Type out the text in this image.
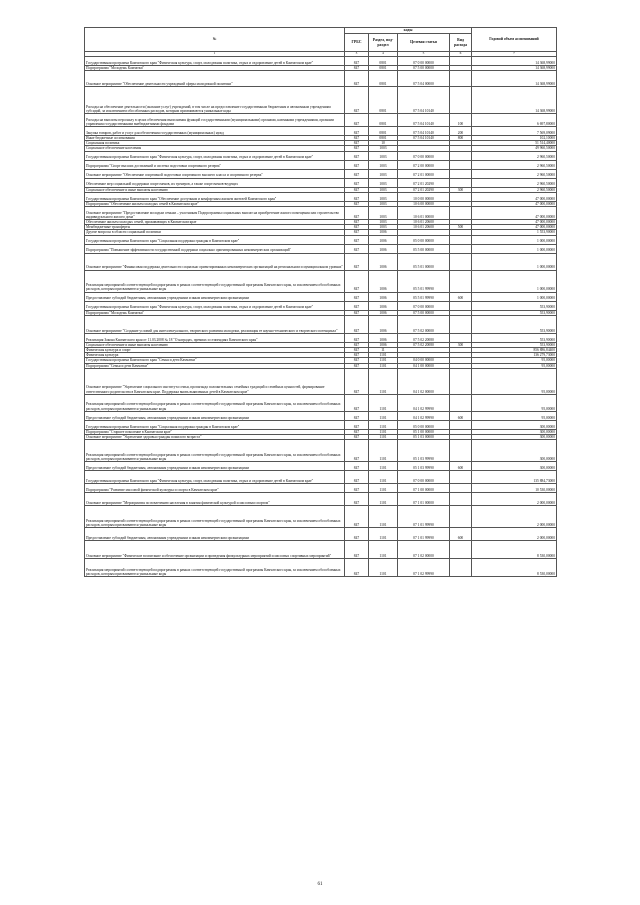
№	коды				Годовой объем ассигнований
	ГРБС	Раздел, под-раздел	Целевая статья	Вид расхода	
1	3	4	5	6	7
Государственная программа Камчатского края "Физическая культура, спорт, молодежная политика, отдых и оздоровление детей в Камчатском крае"	847	0801	07 0 00 00000		14 368,99000
Подпрограмма "Молодежь Камчатки"	847	0801	07 5 00 00000		14 368,99000
Основное мероприятие "Обеспечение деятельности учреждений сферы молодежной политики"	847	0801	07 5 04 00000		14 368,99000
Расходы на обеспечение деятельности (оказание услуг) учреждений, в том числе на предоставление государственным бюджетным и автономным учреждениям субсидий, за исключением обособленных расходов, которым присваиваются уникальные коды	847	0801	07 5 04 10140		14 368,99000
Расходы на выплаты персоналу в целях обеспечения выполнения функций государственными (муниципальными) органами, казенными учреждениями, органами управления государственными внебюджетными фондами	847	0801	07 5 04 10140	100	6 697,80000
Закупка товаров, работ и услуг для обеспечения государственных (муниципальных) нужд	847	0801	07 5 04 10140	200	7 569,09000
Иные бюджетные ассигнования	847	0801	07 5 04 10140	800	102,10000
Социальная политика	847	10			51 514,40000
Социальное обеспечение населения	847	1003			49 960,50000
Государственная программа Камчатского края "Физическая культура, спорт, молодежная политика, отдых и оздоровление детей в Камчатском крае"	847	1003	07 0 00 00000		2 960,50000
Подпрограмма "Спорт высших достижений и система подготовки спортивного резерва"	847	1003	07 2 00 00000		2 960,50000
Основное мероприятие "Обеспечение спортивной подготовки спортивного высшего класса и спортивного резерва"	847	1003	07 2 01 00000		2 960,50000
Обеспечение мер социальной поддержки спортсменов, их тренеров, а также спортсменов-ведущих	847	1003	07 2 01 20290		2 960,50000
Социальное обеспечение и иные выплаты населению	847	1003	07 2 01 20290	300	2 960,50000
Государственная программа Камчатского края "Обеспечение доступным и комфортным жильем жителей Камчатского края"	847	1003	10 0 00 00000		47 000,00000
Подпрограмма "Обеспечение жильем молодых семей в Камчатском крае"	847	1003	10 6 00 00000		47 000,00000
Основное мероприятие "Предоставление молодым семьям – участникам Подпрограммы социальных выплат на приобретение жилого помещения или строительство индивидуального жилого дома"	847	1003	10 6 01 00000		47 000,00000
Обеспечение жильем молодых семей, проживающих в Камчатском крае	847	1003	10 6 01 20600		47 000,00000
Межбюджетные трансферты	847	1003	10 6 01 20600	500	47 000,00000
Другие вопросы в области социальной политики	847	1006			1 553,90000
Государственная программа Камчатского края "Социальная поддержка граждан в Камчатском крае"	847	1006	05 0 00 00000		1 000,00000
Подпрограмма "Повышение эффективности государственной поддержки социально ориентированных некоммерческих организаций"	847	1006	05 5 00 00000		1 000,00000
Основное мероприятие "Финансовая поддержка деятельности социально ориентированных некоммерческих организаций на региональном и муниципальном уровнях"	847	1006	05 5 01 00000		1 000,00000
Реализация мероприятий соответствующей подпрограммы в рамках соответствующей государственной программы Камчатского края, за исключением обособленных расходов, которым присваиваются уникальные коды	847	1006	05 5 01 99990		1 000,00000
Предоставление субсидий бюджетным, автономным учреждениям и иным некоммерческим организациям	847	1006	05 5 01 99990	600	1 000,00000
Государственная программа Камчатского края "Физическая культура, спорт, молодежная политика, отдых и оздоровление детей в Камчатском крае"	847	1006	07 0 00 00000		553,90000
Подпрограмма "Молодежь Камчатки"	847	1006	07 5 00 00000		553,90000
Основное мероприятие "Создание условий для интеллектуального, творческого развития молодежи, реализация ее научно-технического и творческого потенциала"	847	1006	07 5 02 00000		553,90000
Реализация Закона Камчатского края от 11.03.2008 № 18 "О наградах, премиях и стипендиях Камчатского края"	847	1006	07 5 02 20080		553,90000
Социальное обеспечение и иные выплаты населению	847	1006	07 5 02 20080	300	553,90000
Физическая культура и спорт	847	11			856 886,84400
Физическая культура	847	1101			136 279,73000
Государственная программа Камчатского края "Семья и дети Камчатки"	847	1101	04 0 00 00000		95,00000
Подпрограмма "Семья и дети Камчатки"	847	1101	04 1 00 00000		95,00000
Основное мероприятие "Укрепление социального института семьи, пропаганда положительных семейных традиций и семейных ценностей, формирование ответственного родительства в Камчатском крае. Поддержка вновь выявленных детей в Камчатском крае"	847	1101	04 1 02 00000		95,00000
Реализация мероприятий соответствующей подпрограммы в рамках соответствующей государственной программы Камчатского края, за исключением обособленных расходов, которым присваиваются уникальные коды	847	1101	04 1 02 99990		95,00000
Предоставление субсидий бюджетным, автономным учреждениям и иным некоммерческим организациям	847	1101	04 1 02 99990	600	95,00000
Государственная программа Камчатского края "Социальная поддержка граждан в Камчатском крае"	847	1101	05 0 00 00000		300,00000
Подпрограмма "Старшее поколение в Камчатском крае"	847	1101	05 1 00 00000		300,00000
Основное мероприятие "Укрепление здоровья граждан пожилого возраста"	847	1101	05 1 03 00000		300,00000
Реализация мероприятий соответствующей подпрограммы в рамках соответствующей государственной программы Камчатского края, за исключением обособленных расходов, которым присваиваются уникальные коды	847	1101	05 1 03 99990		300,00000
Предоставление субсидий бюджетным, автономным учреждениям и иным некоммерческим организациям	847	1101	05 1 03 99990	600	300,00000
Государственная программа Камчатского края "Физическая культура, спорт, молодежная политика, отдых и оздоровление детей в Камчатском крае"	847	1101	07 0 00 00000		135 884,73000
Подпрограмма "Развитие массовой физической культуры и спорта в Камчатском крае"	847	1101	07 1 00 00000		10 530,00000
Основное мероприятие "Мероприятия по вовлечению населения в занятия физической культурой и массовым спортом"	847	1101	07 1 01 00000		2 000,00000
Реализация мероприятий соответствующей подпрограммы в рамках соответствующей государственной программы Камчатского края, за исключением обособленных расходов, которым присваиваются уникальные коды	847	1101	07 1 01 99990		2 000,00000
Предоставление субсидий бюджетным, автономным учреждениям и иным некоммерческим организациям	847	1101	07 1 01 99990	600	2 000,00000
Основное мероприятие "Физическое воспитание и обеспечение организации и проведения физкультурных мероприятий и массовых спортивных мероприятий"	847	1101	07 1 02 00000		8 530,00000
Реализация мероприятий соответствующей подпрограммы в рамках соответствующей государственной программы Камчатского края, за исключением обособленных расходов, которым присваиваются уникальные коды	847	1101	07 1 02 99990		8 530,00000
61
